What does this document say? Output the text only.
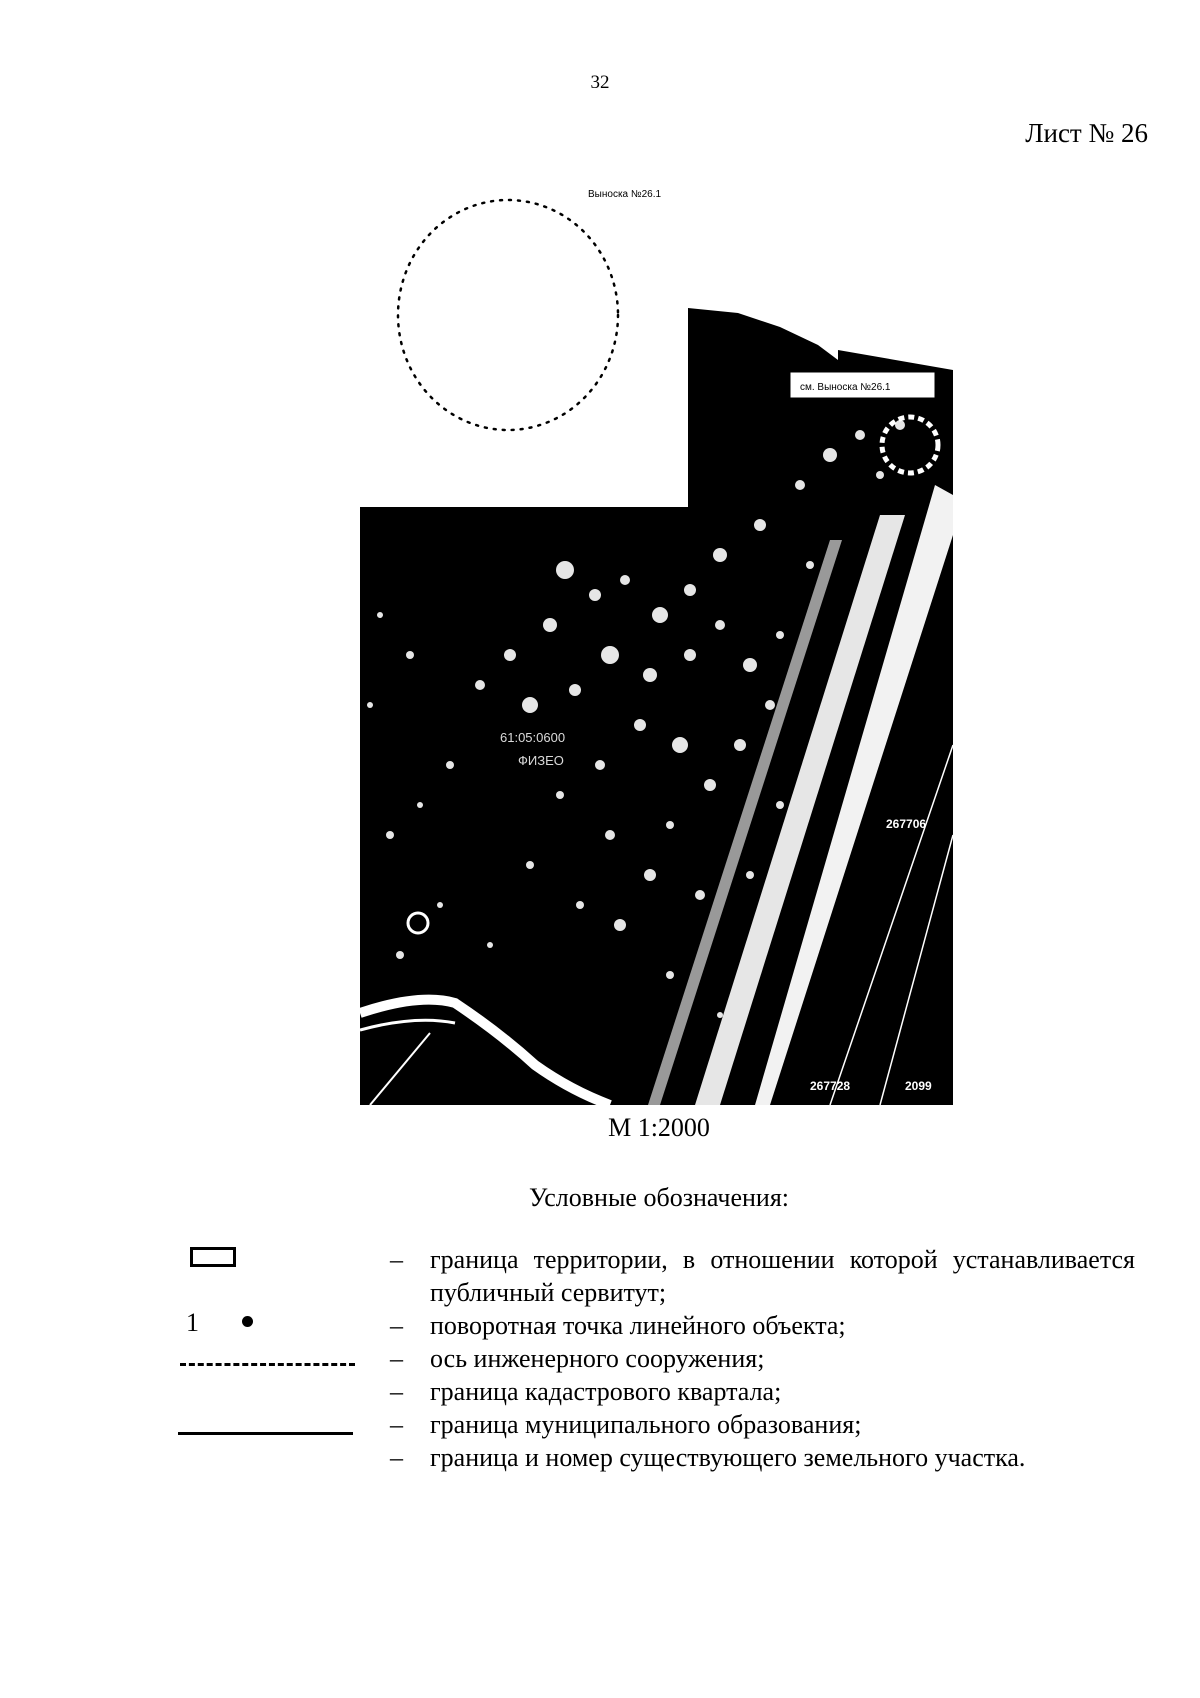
32
Лист № 26
Выноска №26.1
см. Выноска №26.1
61:05:0600
ФИЗЕО
267706
267728	2099
М 1:2000
Условные обозначения:
1
– граница территории, в отношении которой устанавливается публичный сервитут;
– поворотная точка линейного объекта;
– ось инженерного сооружения;
– граница кадастрового квартала;
– граница муниципального образования;
– граница и номер существующего земельного участка.
